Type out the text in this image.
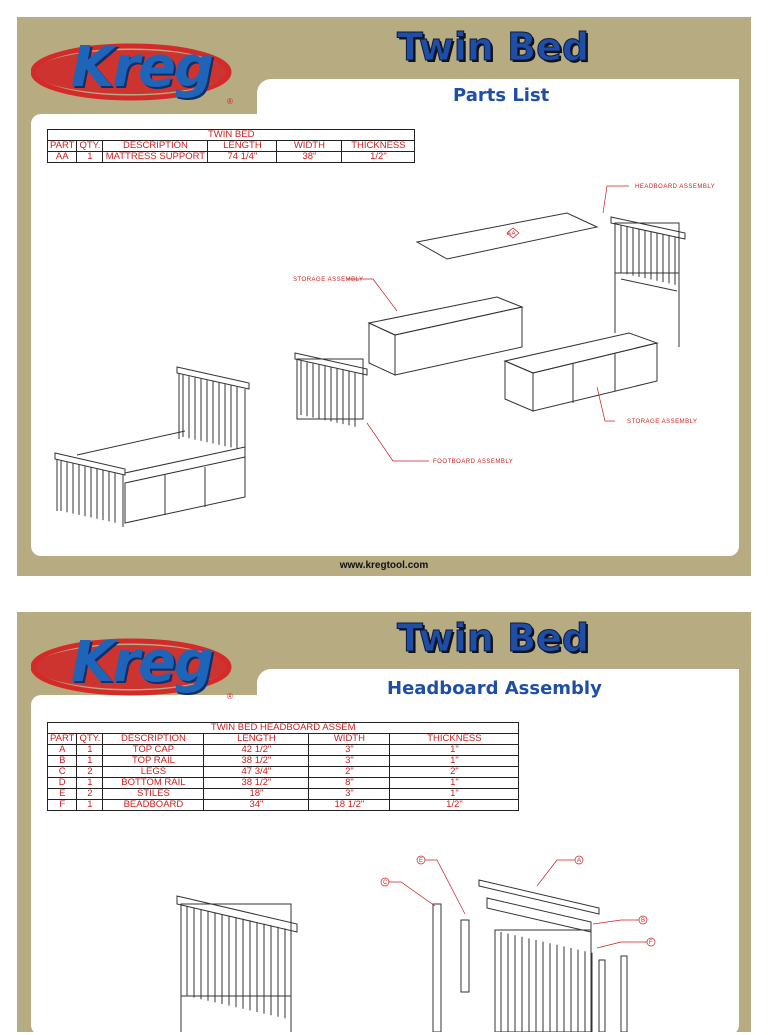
Kreg
®
Twin Bed
Parts List
TWIN BED					
PART	QTY.	DESCRIPTION	LENGTH	WIDTH	THICKNESS
AA	1	MATTRESS SUPPORT	74 1/4"	38"	1/2"
HEADBOARD ASSEMBLY
STORAGE ASSEMBLY
STORAGE ASSEMBLY
FOOTBOARD ASSEMBLY
AA
www.kregtool.com
Kreg
®
Twin Bed
Headboard Assembly
TWIN BED HEADBOARD ASSEM					
PART	QTY.	DESCRIPTION	LENGTH	WIDTH	THICKNESS
A	1	TOP CAP	42 1/2"	3"	1"
B	1	TOP RAIL	38 1/2"	3"	1"
C	2	LEGS	47 3/4"	2"	2"
D	1	BOTTOM RAIL	38 1/2"	8"	1"
E	2	STILES	18"	3"	1"
F	1	BEADBOARD	34"	18 1/2"	1/2"
E	A
C
B
F
